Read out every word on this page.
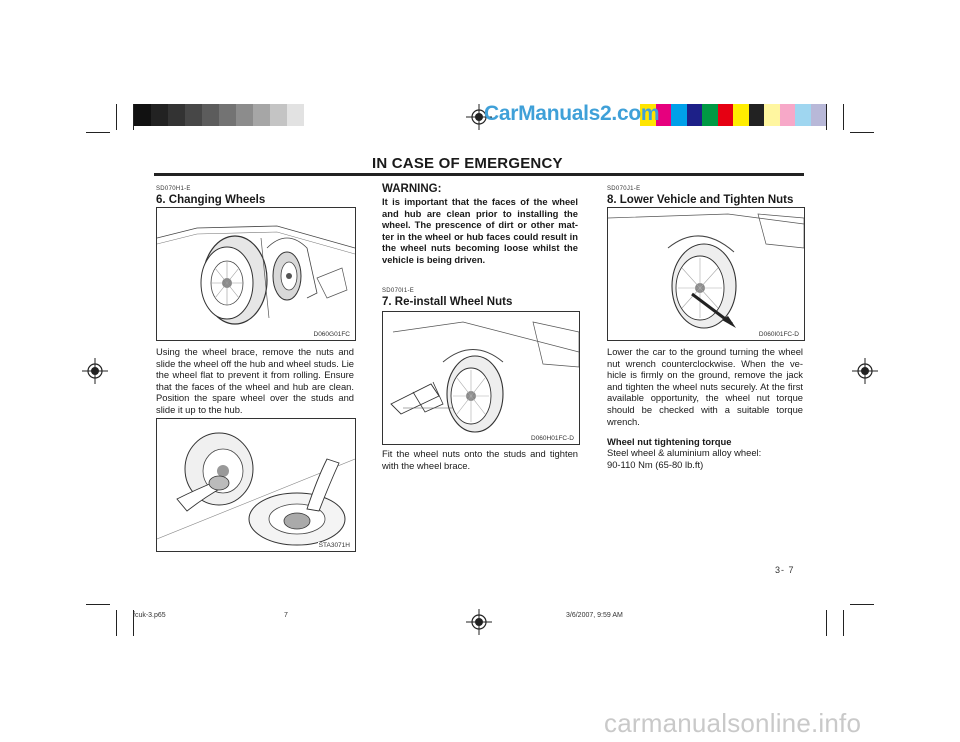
CarManuals2.com
IN CASE OF EMERGENCY
SD070H1-E
6. Changing Wheels
D060G01FC
Using the wheel brace, remove the nuts and slide the wheel off the hub and wheel studs. Lie the wheel flat to prevent it from rolling. Ensure that the faces of the wheel and hub are clean. Position the spare wheel over the studs and slide it up to the hub.
STA3071H
WARNING:
It is important that the faces of the wheel and hub are clean prior to installing the wheel. The prescence of dirt or other mat-ter in the wheel or hub faces could result in the wheel nuts becoming loose whilst the vehicle is being driven.
SD070I1-E
7. Re-install Wheel Nuts
D060H01FC-D
Fit the wheel nuts onto the studs and tighten with the wheel brace.
SD070J1-E
8. Lower Vehicle and Tighten Nuts
D060I01FC-D
Lower the car to the ground turning the wheel nut wrench counterclockwise. When the ve-hicle is firmly on the ground, remove the jack and tighten the wheel nuts securely. At the first available opportunity, the wheel nut torque should be checked with a suitable torque wrench.
Wheel nut tightening torque
Steel wheel & aluminium alloy wheel:
90-110 Nm (65-80 lb.ft)
3- 7
fcuk-3.p65	7	3/6/2007, 9:59 AM
carmanualsonline.info
